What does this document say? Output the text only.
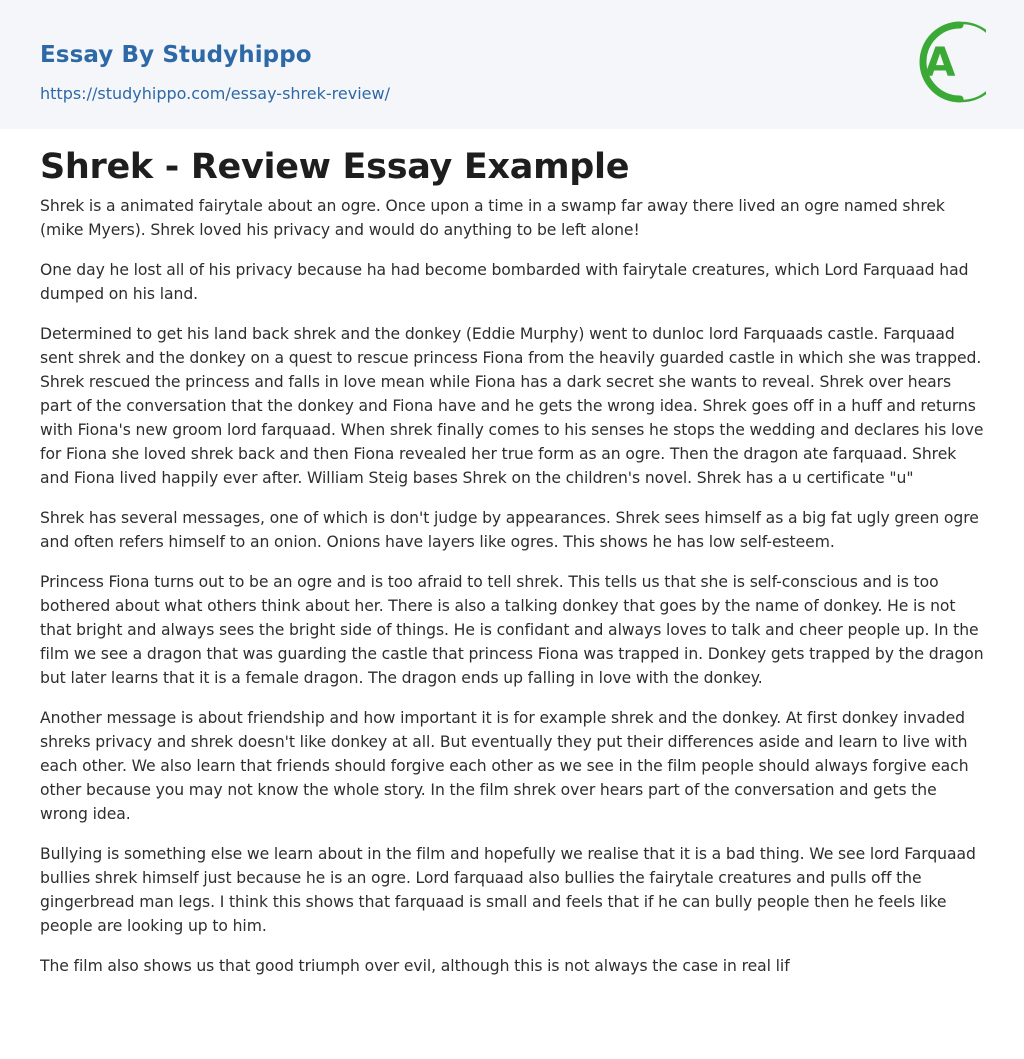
Essay By Studyhippo
https://studyhippo.com/essay-shrek-review/
A
Shrek - Review Essay Example

Shrek is a animated fairytale about an ogre. Once upon a time in a swamp far away there lived an ogre named shrek (mike Myers). Shrek loved his privacy and would do anything to be left alone!

One day he lost all of his privacy because ha had become bombarded with fairytale creatures, which Lord Farquaad had dumped on his land.

Determined to get his land back shrek and the donkey (Eddie Murphy) went to dunloc lord Farquaads castle. Farquaad sent shrek and the donkey on a quest to rescue princess Fiona from the heavily guarded castle in which she was trapped. Shrek rescued the princess and falls in love mean while Fiona has a dark secret she wants to reveal. Shrek over hears part of the conversation that the donkey and Fiona have and he gets the wrong idea. Shrek goes off in a huff and returns with Fiona's new groom lord farquaad. When shrek finally comes to his senses he stops the wedding and declares his love for Fiona she loved shrek back and then Fiona revealed her true form as an ogre. Then the dragon ate farquaad. Shrek and Fiona lived happily ever after. William Steig bases Shrek on the children's novel. Shrek has a u certificate "u"

Shrek has several messages, one of which is don't judge by appearances. Shrek sees himself as a big fat ugly green ogre and often refers himself to an onion. Onions have layers like ogres. This shows he has low self-esteem.

Princess Fiona turns out to be an ogre and is too afraid to tell shrek. This tells us that she is self-conscious and is too bothered about what others think about her. There is also a talking donkey that goes by the name of donkey. He is not that bright and always sees the bright side of things. He is confidant and always loves to talk and cheer people up. In the film we see a dragon that was guarding the castle that princess Fiona was trapped in. Donkey gets trapped by the dragon but later learns that it is a female dragon. The dragon ends up falling in love with the donkey.

Another message is about friendship and how important it is for example shrek and the donkey. At first donkey invaded shreks privacy and shrek doesn't like donkey at all. But eventually they put their differences aside and learn to live with each other. We also learn that friends should forgive each other as we see in the film people should always forgive each other because you may not know the whole story. In the film shrek over hears part of the conversation and gets the wrong idea.

Bullying is something else we learn about in the film and hopefully we realise that it is a bad thing. We see lord Farquaad bullies shrek himself just because he is an ogre. Lord farquaad also bullies the fairytale creatures and pulls off the gingerbread man legs. I think this shows that farquaad is small and feels that if he can bully people then he feels like people are looking up to him.

The film also shows us that good triumph over evil, although this is not always the case in real lif
